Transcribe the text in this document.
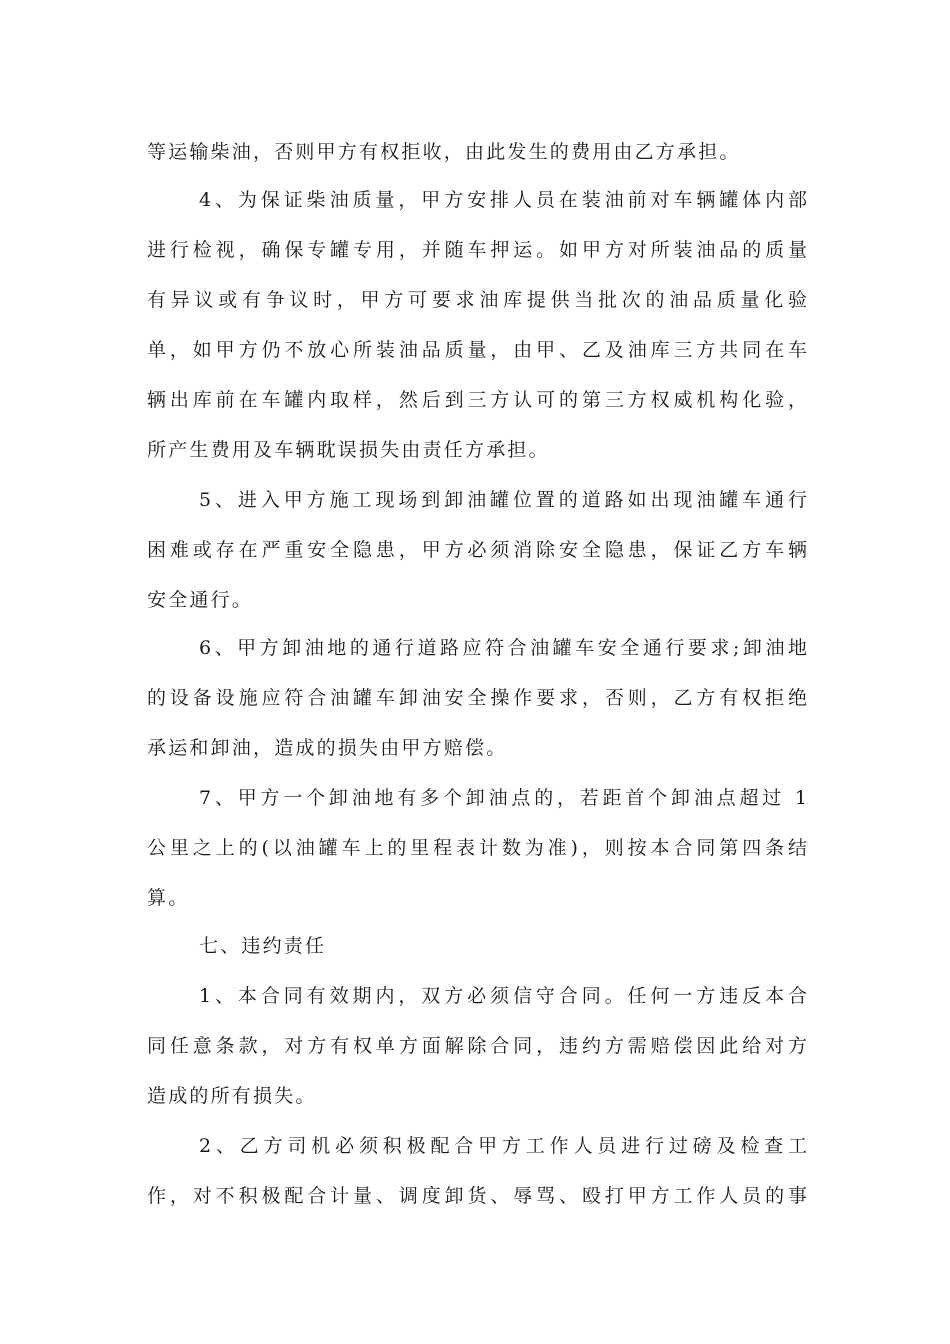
等运输柴油，否则甲方有权拒收，由此发生的费用由乙方承担。
4、为保证柴油质量，甲方安排人员在装油前对车辆罐体内部
进行检视，确保专罐专用，并随车押运。如甲方对所装油品的质量
有异议或有争议时，甲方可要求油库提供当批次的油品质量化验
单，如甲方仍不放心所装油品质量，由甲、乙及油库三方共同在车
辆出库前在车罐内取样，然后到三方认可的第三方权威机构化验，
所产生费用及车辆耽误损失由责任方承担。
5、进入甲方施工现场到卸油罐位置的道路如出现油罐车通行
困难或存在严重安全隐患，甲方必须消除安全隐患，保证乙方车辆
安全通行。
6、甲方卸油地的通行道路应符合油罐车安全通行要求;卸油地
的设备设施应符合油罐车卸油安全操作要求，否则，乙方有权拒绝
承运和卸油，造成的损失由甲方赔偿。
7、甲方一个卸油地有多个卸油点的，若距首个卸油点超过 1
公里之上的(以油罐车上的里程表计数为准)，则按本合同第四条结
算。
七、违约责任
1、本合同有效期内，双方必须信守合同。任何一方违反本合
同任意条款，对方有权单方面解除合同，违约方需赔偿因此给对方
造成的所有损失。
2、乙方司机必须积极配合甲方工作人员进行过磅及检查工
作，对不积极配合计量、调度卸货、辱骂、殴打甲方工作人员的事
